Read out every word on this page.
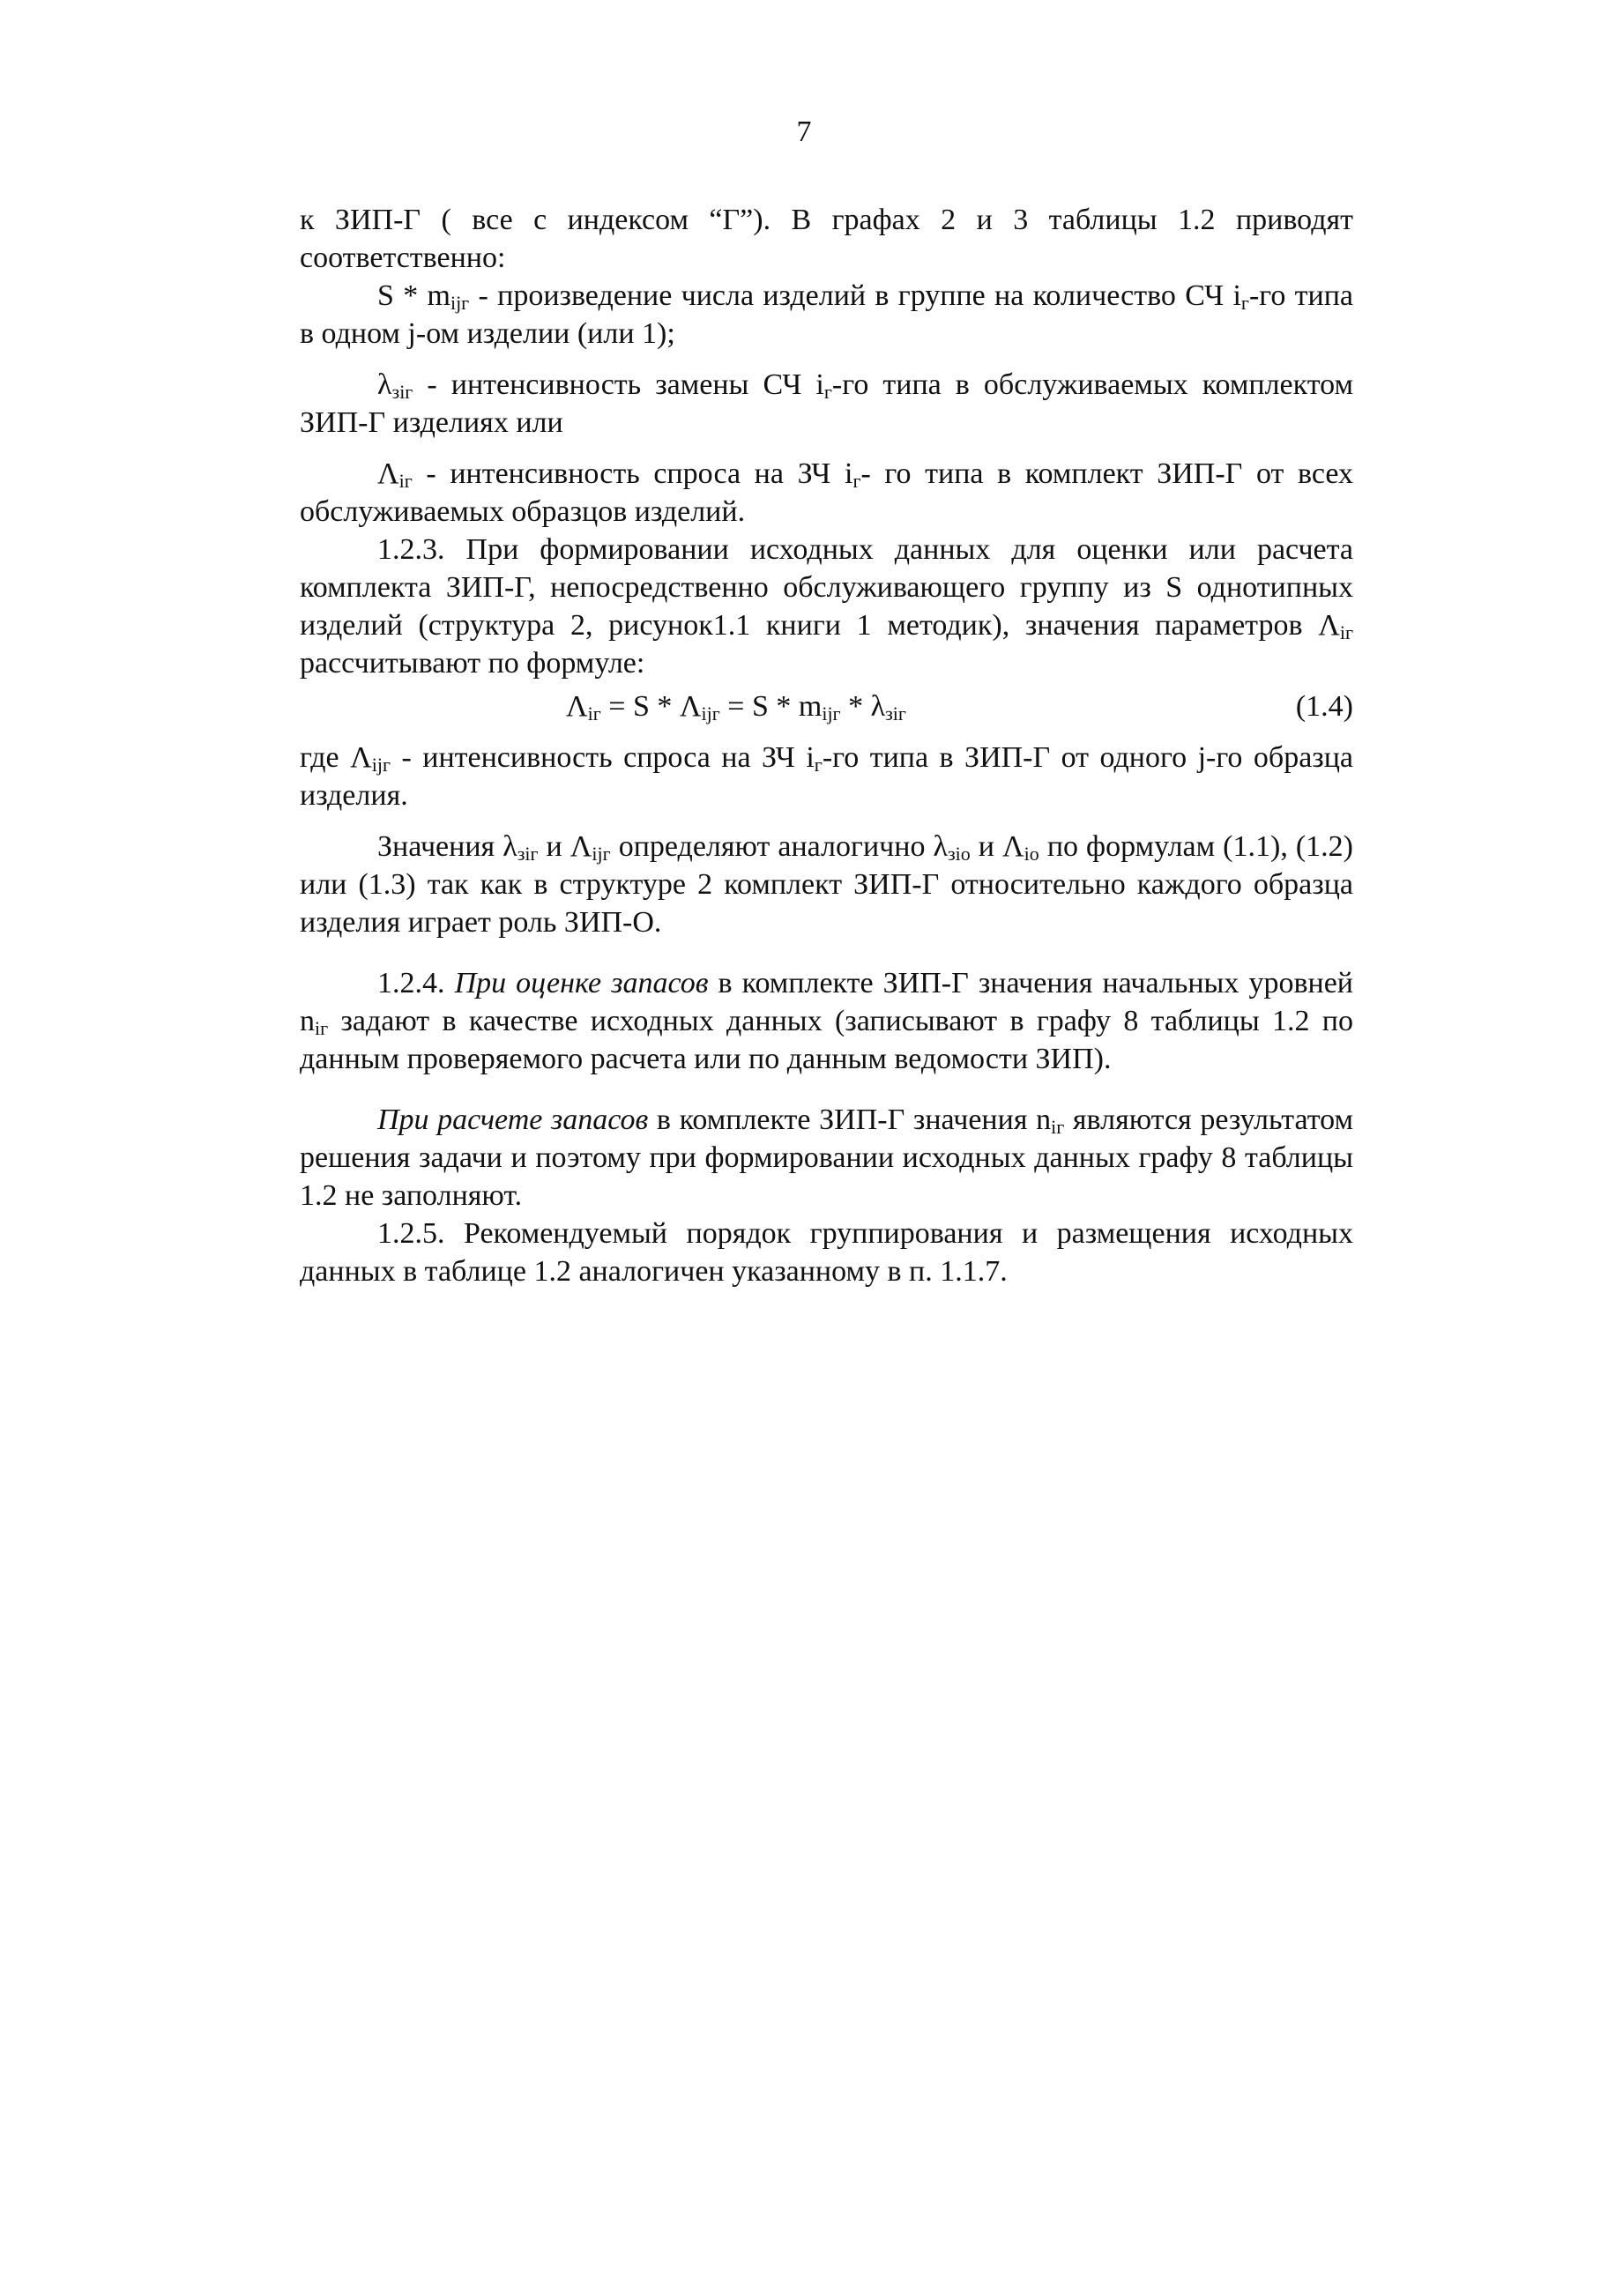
7

к ЗИП-Г ( все с индексом “Г”). В графах 2 и 3 таблицы 1.2 приводят соответственно:

S * $m_{ijг}$ - произведение числа изделий в группе на количество СЧ $i_г-го$ типа в одном j-ом изделии (или 1);

$\lambda_{зiг}$ - интенсивность замены СЧ $i_г-го$ типа в обслуживаемых комплектом ЗИП-Г изделиях или

$\Lambda_{iг}$ - интенсивность спроса на ЗЧ $i_г-$ го типа в комплект ЗИП-Г от всех обслуживаемых образцов изделий.

1.2.3. При формировании исходных данных для оценки или расчета комплекта ЗИП-Г, непосредственно обслуживающего группу из S однотипных изделий (структура 2, рисунок1.1 книги 1 методик), значения параметров $\Lambda_{iг}$ рассчитывают по формуле:

$\Lambda_{iг} = S * \Lambda_{ijг} = S * m_{ijг} * \lambda_{зiг}$	(1.4)

где $\Lambda_{ijг}$ - интенсивность спроса на ЗЧ $i_г-го$ типа в ЗИП-Г от одного j-го образца изделия.

Значения $\lambda_{зiг}$ и $\Lambda_{ijг}$ определяют аналогично $\lambda_{зiо}$ и $\Lambda_{iо}$ по формулам (1.1), (1.2) или (1.3) так как в структуре 2 комплект ЗИП-Г относительно каждого образца изделия играет роль ЗИП-О.

1.2.4. При оценке запасов в комплекте ЗИП-Г значения начальных уровней $n_{iг}$ задают в качестве исходных данных (записывают в графу 8 таблицы 1.2 по данным проверяемого расчета или по данным ведомости ЗИП).

При расчете запасов в комплекте ЗИП-Г значения $n_{iг}$ являются результатом решения задачи и поэтому при формировании исходных данных графу 8 таблицы 1.2 не заполняют.

1.2.5. Рекомендуемый порядок группирования и размещения исходных данных в таблице 1.2 аналогичен указанному в п. 1.1.7.
